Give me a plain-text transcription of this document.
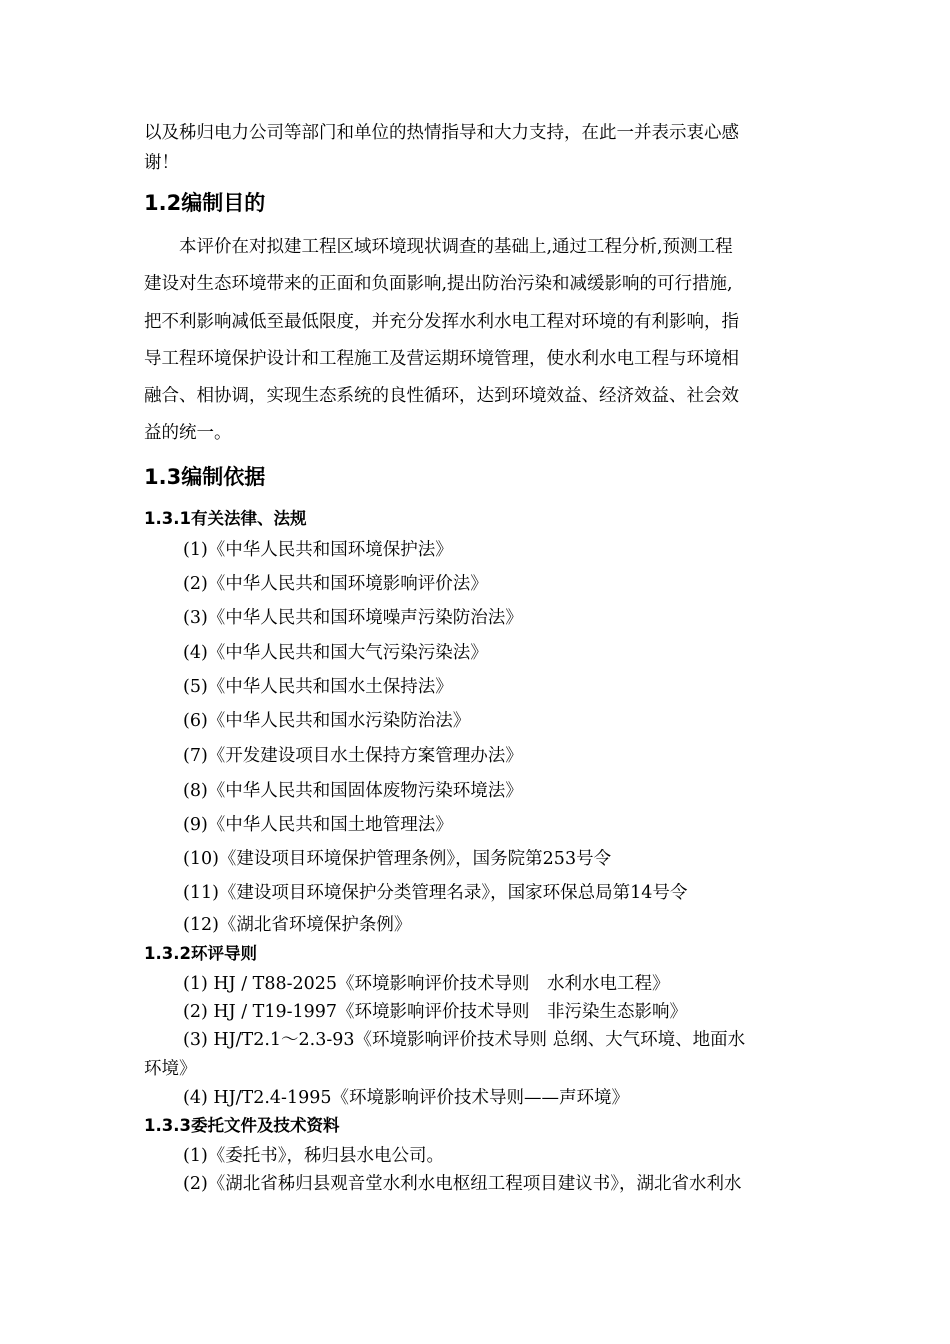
以及秭归电力公司等部门和单位的热情指导和大力支持，在此一并表示衷心感
谢！
1.2编制目的
本评价在对拟建工程区域环境现状调查的基础上,通过工程分析,预测工程
建设对生态环境带来的正面和负面影响,提出防治污染和减缓影响的可行措施,
把不利影响减低至最低限度，并充分发挥水利水电工程对环境的有利影响，指
导工程环境保护设计和工程施工及营运期环境管理，使水利水电工程与环境相
融合、相协调，实现生态系统的良性循环，达到环境效益、经济效益、社会效
益的统一。
1.3编制依据
1.3.1有关法律、法规
(1)《中华人民共和国环境保护法》
(2)《中华人民共和国环境影响评价法》
(3)《中华人民共和国环境噪声污染防治法》
(4)《中华人民共和国大气污染污染法》
(5)《中华人民共和国水土保持法》
(6)《中华人民共和国水污染防治法》
(7)《开发建设项目水土保持方案管理办法》
(8)《中华人民共和国固体废物污染环境法》
(9)《中华人民共和国土地管理法》
(10)《建设项目环境保护管理条例》，国务院第253号令
(11)《建设项目环境保护分类管理名录》，国家环保总局第14号令
(12)《湖北省环境保护条例》
1.3.2环评导则
(1) HJ / T88-2025《环境影响评价技术导则　水利水电工程》
(2) HJ / T19-1997《环境影响评价技术导则　非污染生态影响》
(3) HJ/T2.1～2.3-93《环境影响评价技术导则 总纲、大气环境、地面水
环境》
(4) HJ/T2.4-1995《环境影响评价技术导则——声环境》
1.3.3委托文件及技术资料
(1)《委托书》，秭归县水电公司。
(2)《湖北省秭归县观音堂水利水电枢纽工程项目建议书》，湖北省水利水
